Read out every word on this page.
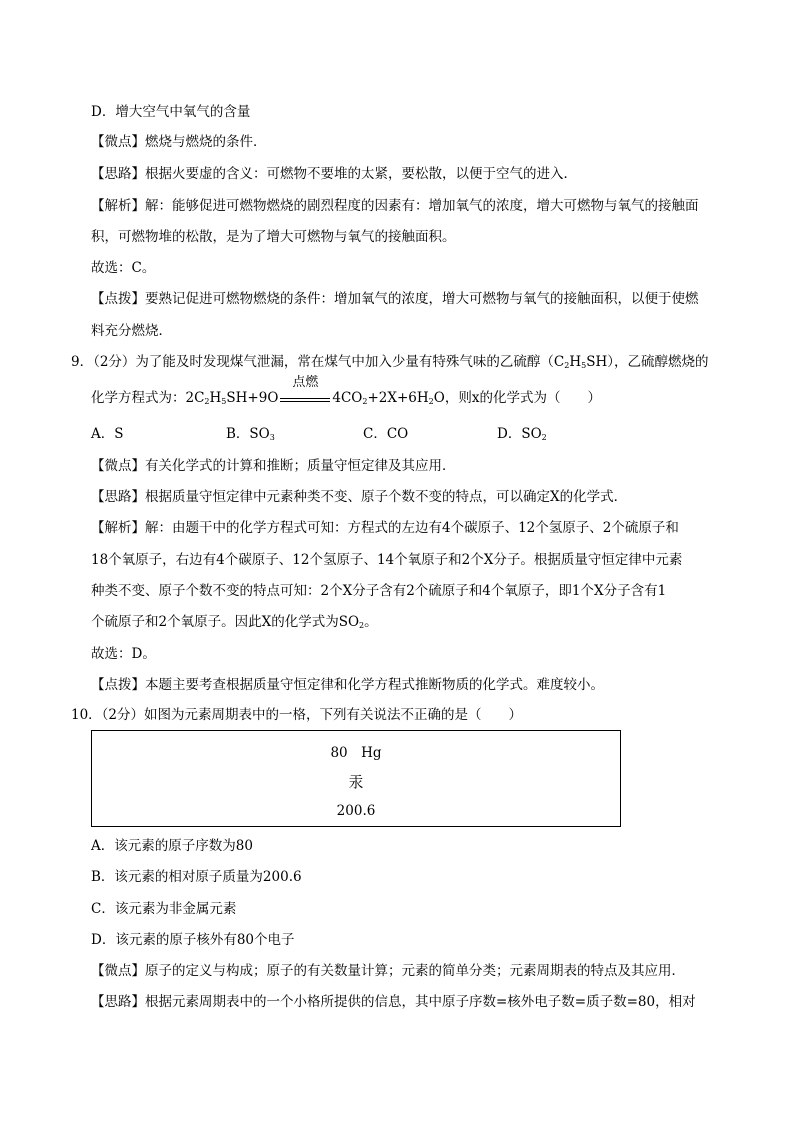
D．增大空气中氧气的含量
【微点】燃烧与燃烧的条件．
【思路】根据火要虚的含义：可燃物不要堆的太紧，要松散，以便于空气的进入．
【解析】解：能够促进可燃物燃烧的剧烈程度的因素有：增加氧气的浓度，增大可燃物与氧气的接触面
积，可燃物堆的松散，是为了增大可燃物与氧气的接触面积。
故选：C。
【点拨】要熟记促进可燃物燃烧的条件：增加氧气的浓度，增大可燃物与氧气的接触面积，以便于使燃
料充分燃烧．
9．（2分）为了能及时发现煤气泄漏，常在煤气中加入少量有特殊气味的乙硫醇$(C_2H_5SH)$，乙硫醇燃烧的
化学方程式为：$2C_2H_5SH+9O$
点燃
$4CO_2+2X+6H_2O$，则x的化学式为（　　）
A．S	B．$SO_3$	C．CO	D．$SO_2$
【微点】有关化学式的计算和推断；质量守恒定律及其应用．
【思路】根据质量守恒定律中元素种类不变、原子个数不变的特点，可以确定X的化学式．
【解析】解：由题干中的化学方程式可知：方程式的左边有4个碳原子、12个氢原子、2个硫原子和
18个氧原子，右边有4个碳原子、12个氢原子、14个氧原子和2个X分子。根据质量守恒定律中元素
种类不变、原子个数不变的特点可知：2个X分子含有2个硫原子和4个氧原子，即1个X分子含有1
个硫原子和2个氧原子。因此X的化学式为$SO_2$。
故选：D。
【点拨】本题主要考查根据质量守恒定律和化学方程式推断物质的化学式。难度较小。
10．（2分）如图为元素周期表中的一格，下列有关说法不正确的是（　　）
80　Hg
汞
200.6
A．该元素的原子序数为80
B．该元素的相对原子质量为200.6
C．该元素为非金属元素
D．该元素的原子核外有80个电子
【微点】原子的定义与构成；原子的有关数量计算；元素的简单分类；元素周期表的特点及其应用．
【思路】根据元素周期表中的一个小格所提供的信息，其中原子序数=核外电子数=质子数=80，相对
